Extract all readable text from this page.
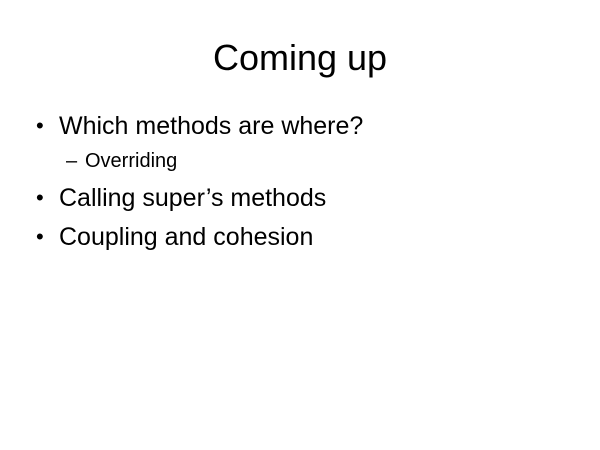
Coming up
• Which methods are where?
– Overriding
• Calling super’s methods
• Coupling and cohesion
